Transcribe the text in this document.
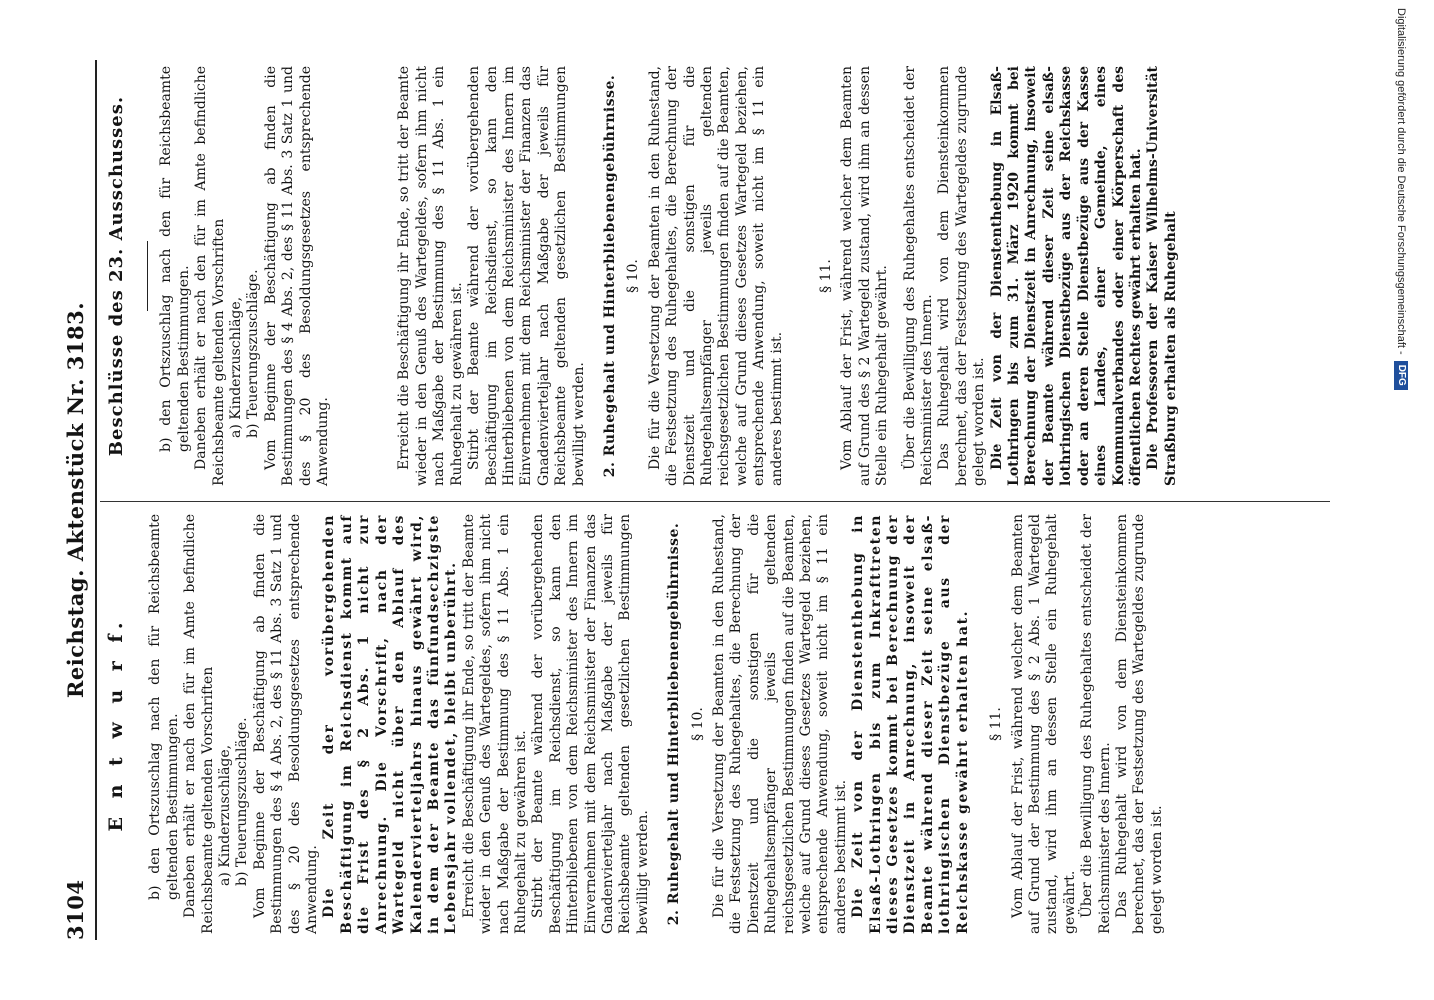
3104
Reichstag. Aktenstück Nr. 3183.
E n t w u r f. b) den Ortszuschlag nach den für Reichsbeamte geltenden Bestimmungen. Daneben erhält er nach den für im Amte befindliche Reichsbeamte geltenden Vorschriften a) Kinderzuschläge, b) Teuerungszuschläge. Vom Beginne der Beschäftigung ab finden die Bestimmungen des § 4 Abs. 2, des § 11 Abs. 3 Satz 1 und des § 20 des Besoldungsgesetzes entsprechende Anwendung. Die Zeit der vorübergehenden Beschäftigung im Reichsdienst kommt auf die Frist des § 2 Abs. 1 nicht zur Anrechnung. Die Vorschrift, nach der Wartegeld nicht über den Ablauf des Kalendervierteljahrs hinaus gewährt wird, in dem der Beamte das fünfundsechzigste Lebensjahr vollendet, bleibt unberührt. Erreicht die Beschäftigung ihr Ende, so tritt der Beamte wieder in den Genuß des Wartegeldes, sofern ihm nicht nach Maßgabe der Bestimmung des § 11 Abs. 1 ein Ruhegehalt zu gewähren ist. Stirbt der Beamte während der vorübergehenden Beschäftigung im Reichsdienst, so kann den Hinterbliebenen von dem Reichsminister des Innern im Einvernehmen mit dem Reichsminister der Finanzen das Gnadenvierteljahr nach Maßgabe der jeweils für Reichsbeamte geltenden gesetzlichen Bestimmungen bewilligt werden. 2. Ruhegehalt und Hinterbliebenengebührnisse. § 10. Die für die Versetzung der Beamten in den Ruhestand, die Festsetzung des Ruhegehaltes, die Berechnung der Dienstzeit und die sonstigen für die Ruhegehaltsempfänger jeweils geltenden reichsgesetzlichen Bestimmungen finden auf die Beamten, welche auf Grund dieses Gesetzes Wartegeld beziehen, entsprechende Anwendung, soweit nicht im § 11 ein anderes bestimmt ist. Die Zeit von der Dienstenthebung in Elsaß-Lothringen bis zum Inkrafttreten dieses Gesetzes kommt bei Berechnung der Dienstzeit in Anrechnung, insoweit der Beamte während dieser Zeit seine elsaß-lothringischen Dienstbezüge aus der Reichskasse gewährt erhalten hat. § 11. Vom Ablauf der Frist, während welcher dem Beamten auf Grund der Bestimmung des § 2 Abs. 1 Wartegeld zustand, wird ihm an dessen Stelle ein Ruhegehalt gewährt. Über die Bewilligung des Ruhegehaltes entscheidet der Reichsminister des Innern. Das Ruhegehalt wird von dem Diensteinkommen berechnet, das der Festsetzung des Wartegeldes zugrunde gelegt worden ist.

Beschlüsse des 23. Ausschusses. b) den Ortszuschlag nach den für Reichsbeamte geltenden Bestimmungen. Daneben erhält er nach den für im Amte befindliche Reichsbeamte geltenden Vorschriften a) Kinderzuschläge, b) Teuerungszuschläge. Vom Beginne der Beschäftigung ab finden die Bestimmungen des § 4 Abs. 2, des § 11 Abs. 3 Satz 1 und des § 20 des Besoldungsgesetzes entsprechende Anwendung.	Erreicht die Beschäftigung ihr Ende, so tritt der Beamte wieder in den Genuß des Wartegeldes, sofern ihm nicht nach Maßgabe der Bestimmung des § 11 Abs. 1 ein Ruhegehalt zu gewähren ist. Stirbt der Beamte während der vorübergehenden Beschäftigung im Reichsdienst, so kann den Hinterbliebenen von dem Reichsminister des Innern im Einvernehmen mit dem Reichsminister der Finanzen das Gnadenvierteljahr nach Maßgabe der jeweils für Reichsbeamte geltenden gesetzlichen Bestimmungen bewilligt werden. 2. Ruhegehalt und Hinterbliebenengebührnisse. § 10. Die für die Versetzung der Beamten in den Ruhestand, die Festsetzung des Ruhegehaltes, die Berechnung der Dienstzeit und die sonstigen für die Ruhegehaltsempfänger jeweils geltenden reichsgesetzlichen Bestimmungen finden auf die Beamten, welche auf Grund dieses Gesetzes Wartegeld beziehen, entsprechende Anwendung, soweit nicht im § 11 ein anderes bestimmt ist.

§ 11. Vom Ablauf der Frist, während welcher dem Beamten auf Grund des § 2 Wartegeld zustand, wird ihm an dessen Stelle ein Ruhegehalt gewährt. Über die Bewilligung des Ruhegehaltes entscheidet der Reichsminister des Innern. Das Ruhegehalt wird von dem Diensteinkommen berechnet, das der Festsetzung des Wartegeldes zugrunde gelegt worden ist. Die Zeit von der Dienstenthebung in Elsaß-Lothringen bis zum 31. März 1920 kommt bei Berechnung der Dienstzeit in Anrechnung, insoweit der Beamte während dieser Zeit seine elsaß-lothringischen Dienstbezüge aus der Reichskasse oder an deren Stelle Dienstbezüge aus der Kasse eines Landes, einer Gemeinde, eines Kommunalverbandes oder einer Körperschaft des öffentlichen Rechtes gewährt erhalten hat. Die Professoren der Kaiser Wilhelms-Universität Straßburg erhalten als Ruhegehalt	Digitalisierung gefördert durch die Deutsche Forschungsgemeinschaft -DFG
